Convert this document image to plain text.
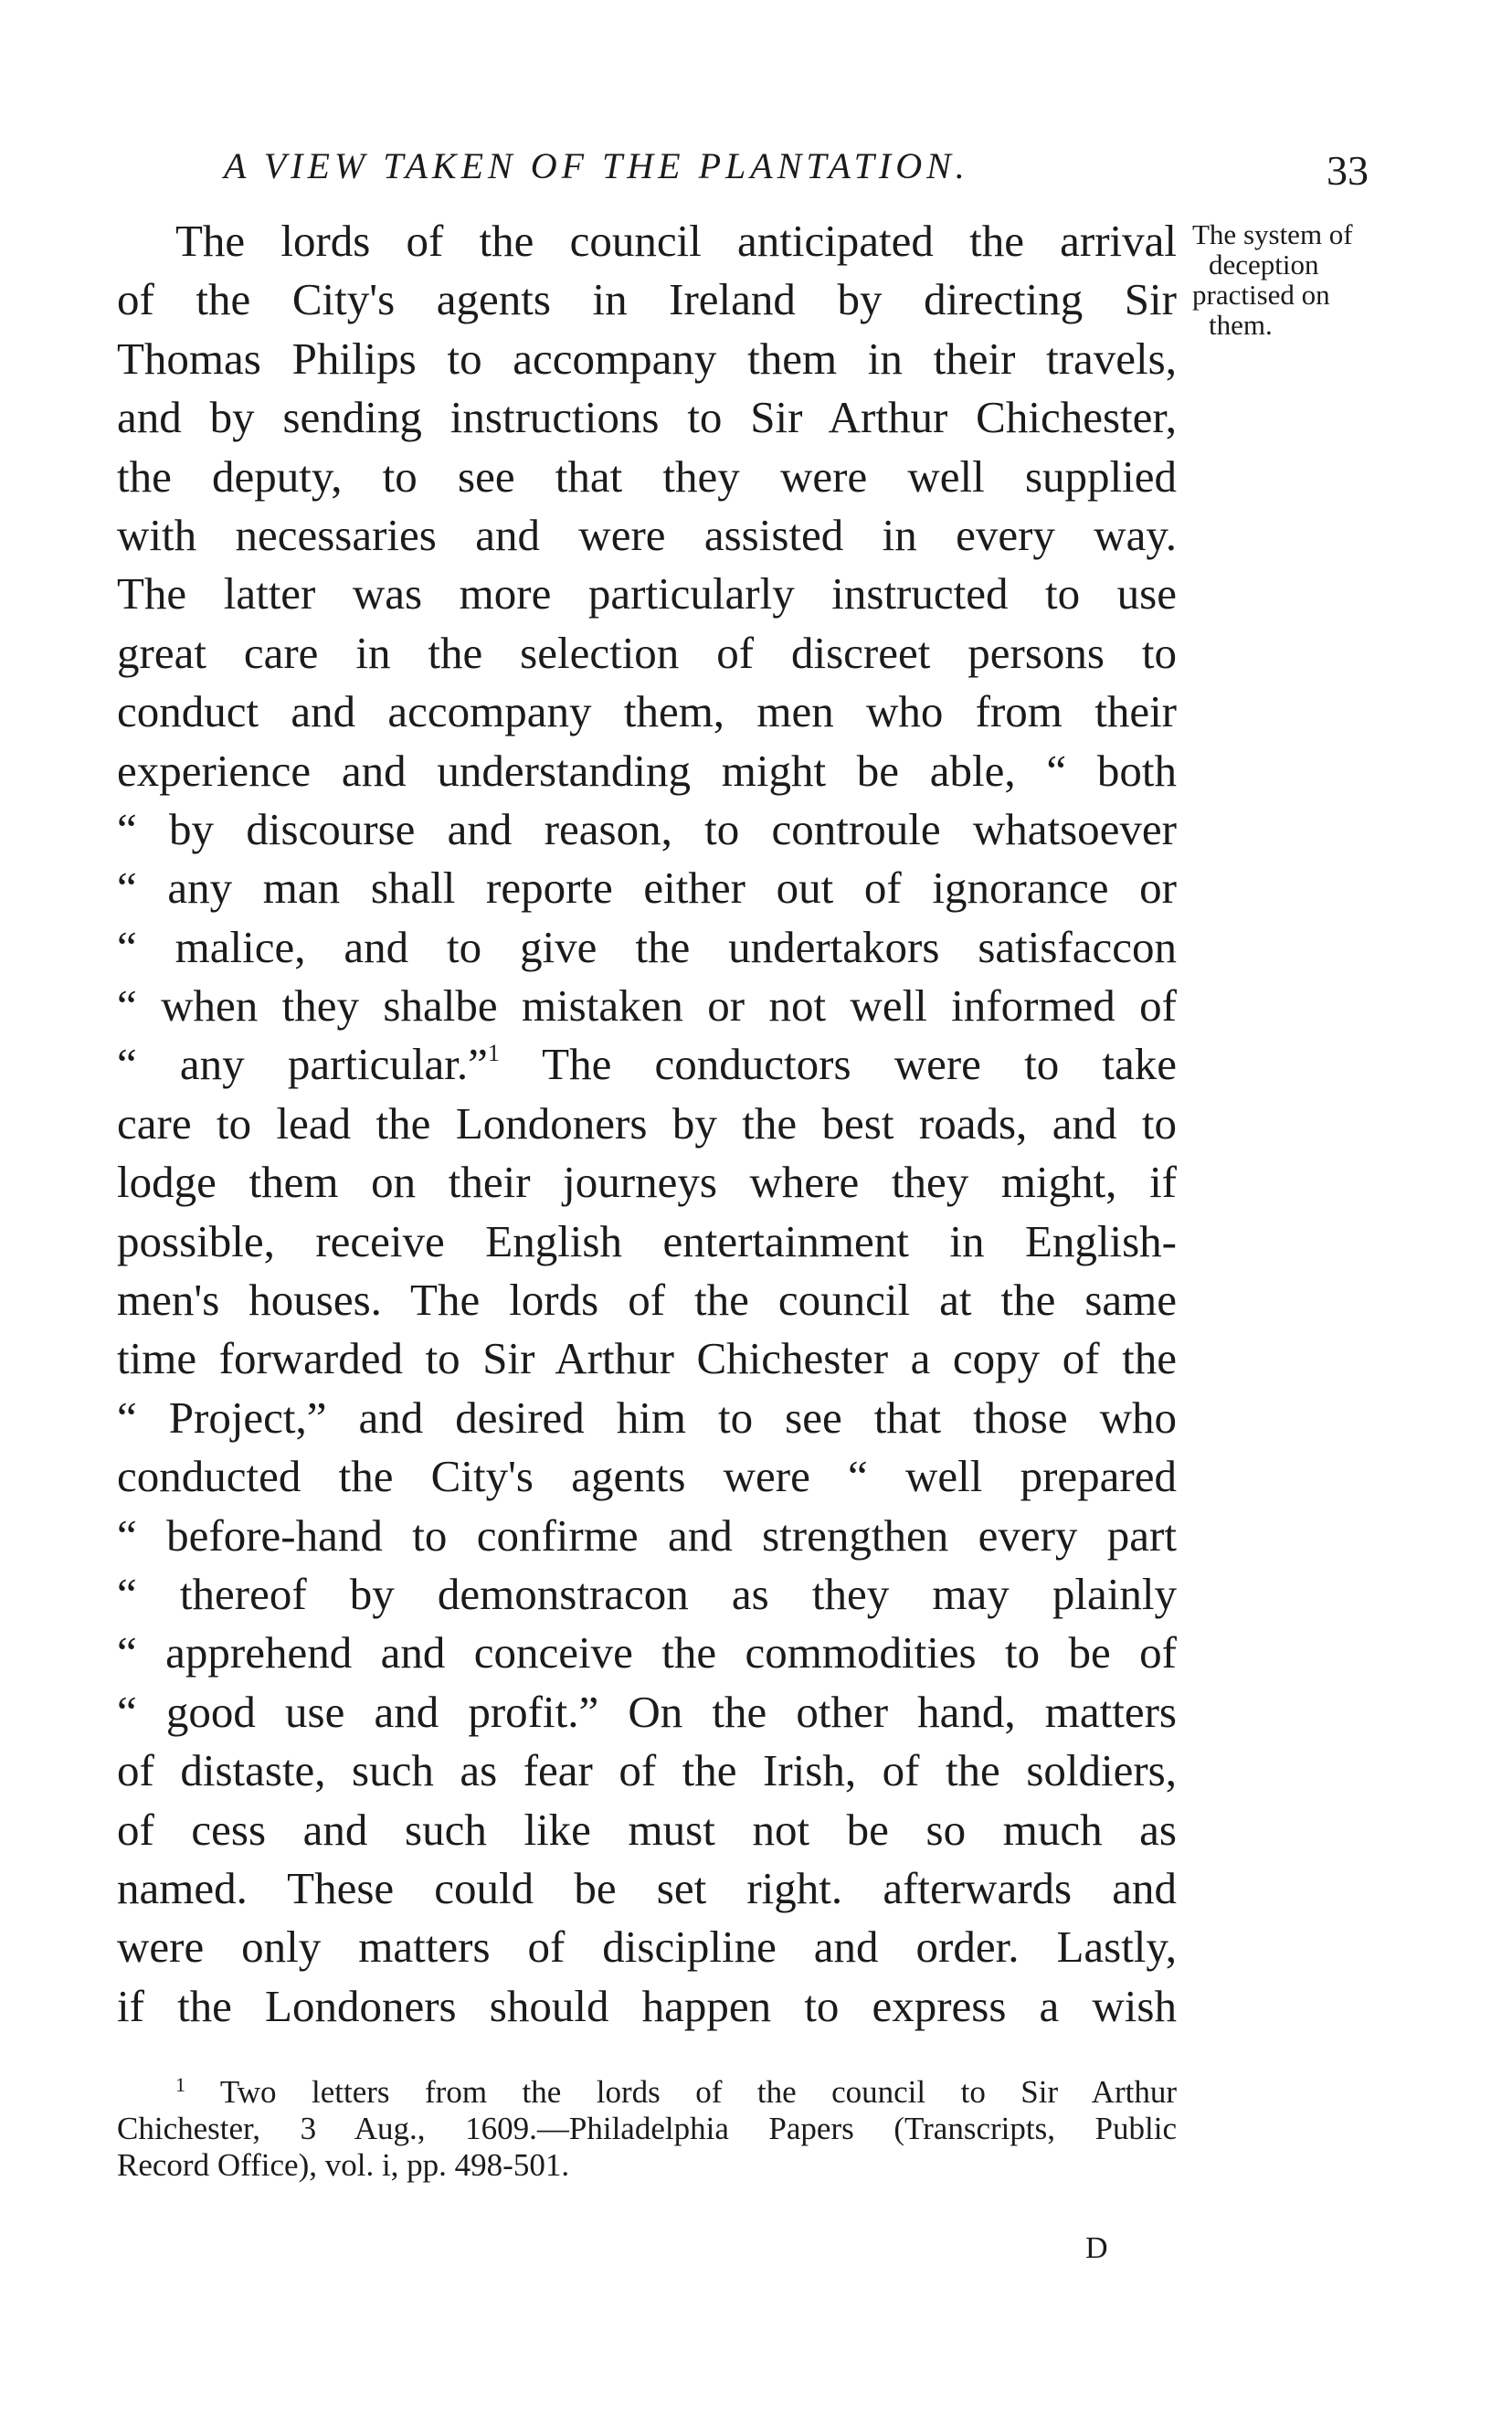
A VIEW TAKEN OF THE PLANTATION.	33
The system of
deception
practised on
them.
The lords of the council anticipated the arrival
of the City's agents in Ireland by directing Sir
Thomas Philips to accompany them in their travels,
and by sending instructions to Sir Arthur Chichester,
the deputy, to see that they were well supplied
with necessaries and were assisted in every way.
The latter was more particularly instructed to use
great care in the selection of discreet persons to
conduct and accompany them, men who from their
experience and understanding might be able, “ both
“ by discourse and reason, to controule whatsoever
“ any man shall reporte either out of ignorance or
“ malice, and to give the undertakors satisfaccon
“ when they shalbe mistaken or not well informed of
“ any particular.”$^1$ The conductors were to take
care to lead the Londoners by the best roads, and to
lodge them on their journeys where they might, if
possible, receive English entertainment in English-
men's houses. The lords of the council at the same
time forwarded to Sir Arthur Chichester a copy of the
“ Project,” and desired him to see that those who
conducted the City's agents were “ well prepared
“ before-hand to confirme and strengthen every part
“ thereof by demonstracon as they may plainly
“ apprehend and conceive the commodities to be of
“ good use and profit.” On the other hand, matters
of distaste, such as fear of the Irish, of the soldiers,
of cess and such like must not be so much as
named. These could be set right. afterwards and
were only matters of discipline and order. Lastly,
if the Londoners should happen to express a wish
$^1$ Two letters from the lords of the council to Sir Arthur
Chichester, 3 Aug., 1609.—Philadelphia Papers (Transcripts, Public
Record Office), vol. i, pp. 498-501.
D
